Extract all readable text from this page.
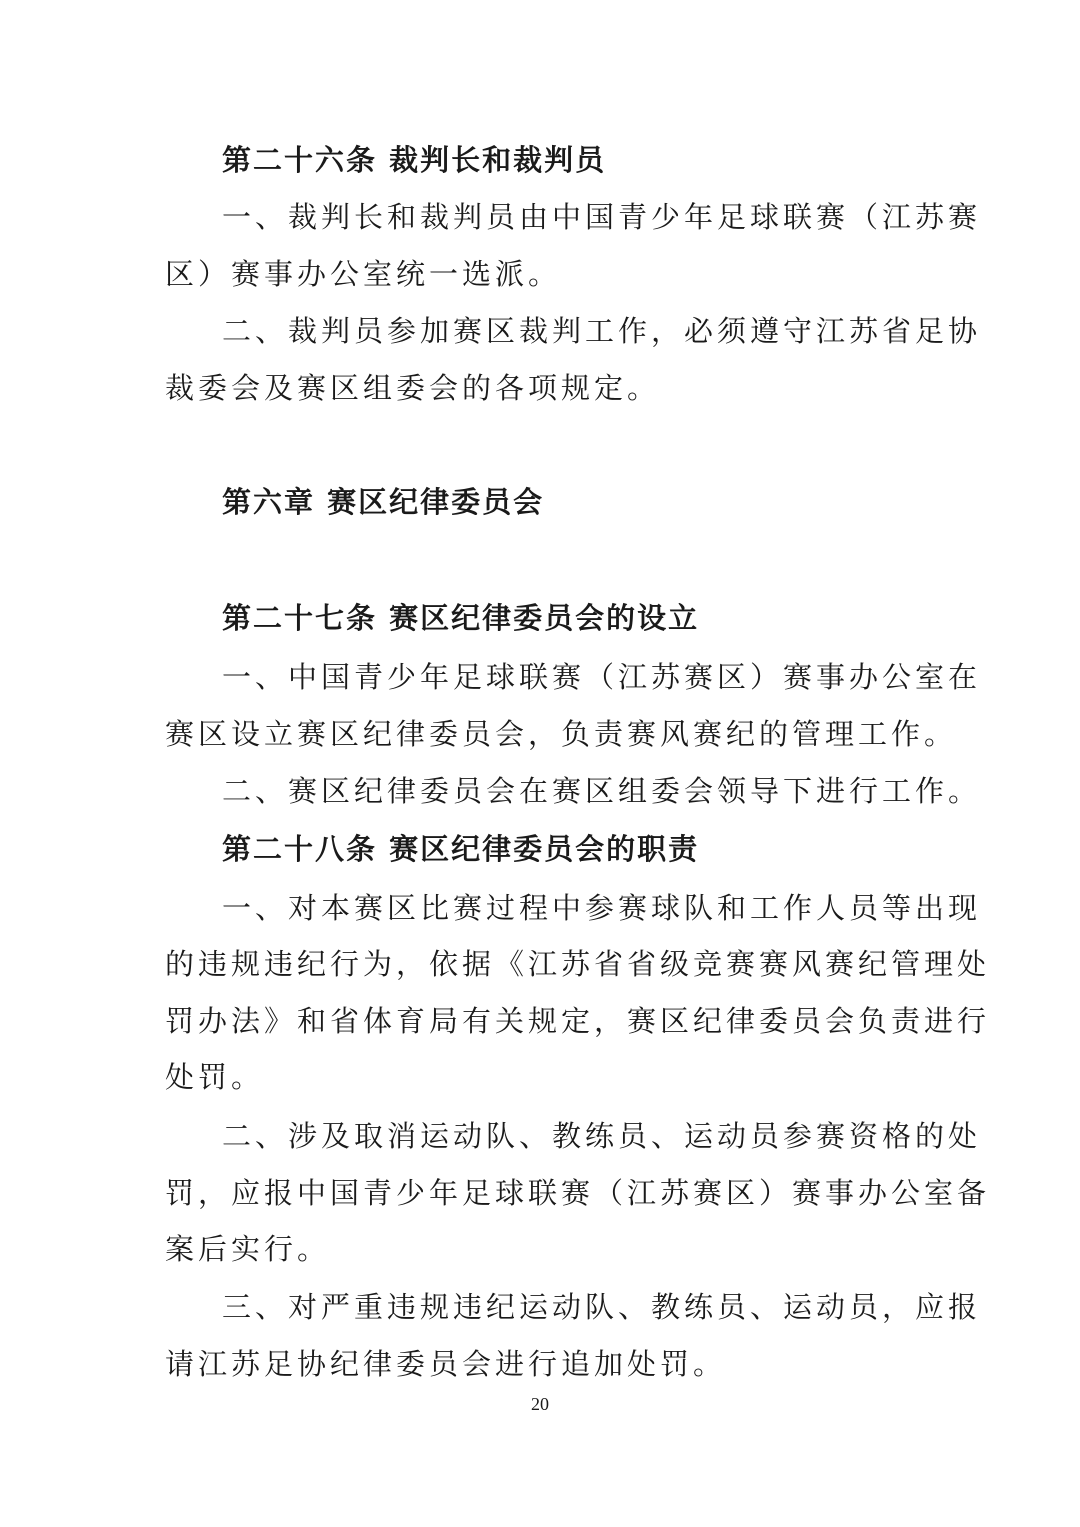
第二十六条 裁判长和裁判员
一、裁判长和裁判员由中国青少年足球联赛（江苏赛
区）赛事办公室统一选派。
二、裁判员参加赛区裁判工作，必须遵守江苏省足协
裁委会及赛区组委会的各项规定。
第六章 赛区纪律委员会
第二十七条 赛区纪律委员会的设立
一、中国青少年足球联赛（江苏赛区）赛事办公室在
赛区设立赛区纪律委员会，负责赛风赛纪的管理工作。
二、赛区纪律委员会在赛区组委会领导下进行工作。
第二十八条 赛区纪律委员会的职责
一、对本赛区比赛过程中参赛球队和工作人员等出现
的违规违纪行为，依据《江苏省省级竞赛赛风赛纪管理处
罚办法》和省体育局有关规定，赛区纪律委员会负责进行
处罚。
二、涉及取消运动队、教练员、运动员参赛资格的处
罚，应报中国青少年足球联赛（江苏赛区）赛事办公室备
案后实行。
三、对严重违规违纪运动队、教练员、运动员，应报
请江苏足协纪律委员会进行追加处罚。
20
